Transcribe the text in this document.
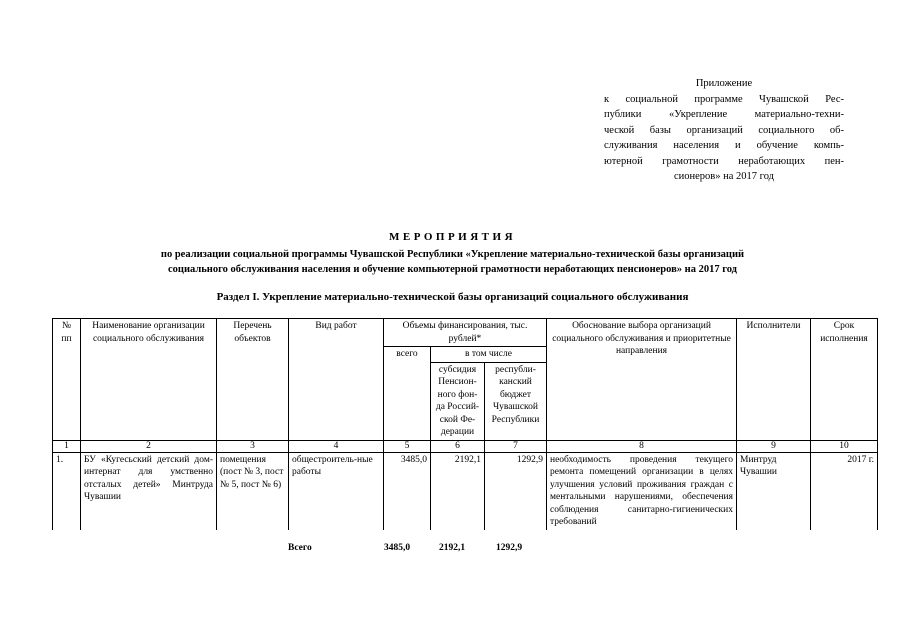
Приложение
к социальной программе Чувашской Рес-
публики «Укрепление материально-техни-
ческой базы организаций социального об-
служивания населения и обучение компь-
ютерной грамотности неработающих пен-
сионеров» на 2017 год
МЕРОПРИЯТИЯ
по реализации социальной программы Чувашской Республики «Укрепление материально-технической базы организаций
социального обслуживания населения и обучение компьютерной грамотности неработающих пенсионеров» на 2017 год
Раздел I. Укрепление материально-технической базы организаций социального обслуживания
№ пп	Наименование организации социального обслуживания	Перечень объектов	Вид работ	Объемы финансирования, тыс. рублей*			Обоснование выбора организаций социального обслуживания и приоритетные направления	Исполнители	Срок исполнения
				всего	в том числе				
					субсидия Пенсион-ного фон-да Россий-ской Фе-дерации	республи-канский бюджет Чувашской Республики			
1	2	3	4	5	6	7	8	9	10
1.	БУ «Кугесьский детский дом-интернат для умственно отсталых детей» Минтруда Чувашии	помещения (пост № 3, пост № 5, пост № 6)	общестроитель-ные работы	3485,0	2192,1	1292,9	необходимость проведения текущего ремонта помещений организации в целях улучшения условий проживания граждан с ментальными нарушениями, обеспечения соблюдения санитарно-гигиенических требований	Минтруд Чувашии	2017 г.
Всего	3485,0	2192,1	1292,9
